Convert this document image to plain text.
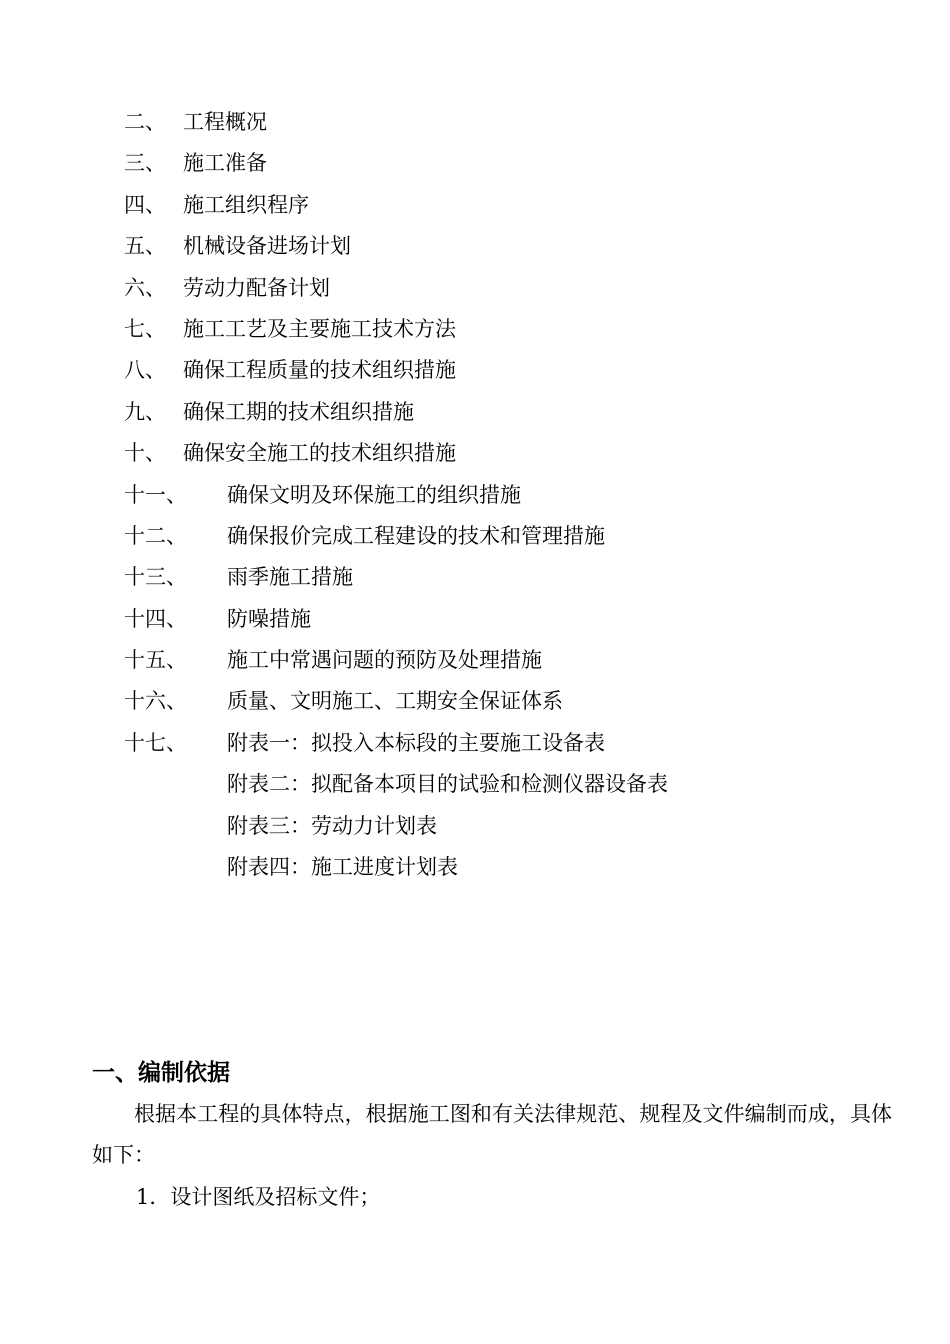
二、 工程概况
三、 施工准备
四、 施工组织程序
五、 机械设备进场计划
六、 劳动力配备计划
七、 施工工艺及主要施工技术方法
八、 确保工程质量的技术组织措施
九、 确保工期的技术组织措施
十、 确保安全施工的技术组织措施
十一、 确保文明及环保施工的组织措施
十二、 确保报价完成工程建设的技术和管理措施
十三、 雨季施工措施
十四、 防噪措施
十五、 施工中常遇问题的预防及处理措施
十六、 质量、文明施工、工期安全保证体系
十七、 附表一：拟投入本标段的主要施工设备表
附表二：拟配备本项目的试验和检测仪器设备表
附表三：劳动力计划表
附表四：施工进度计划表
一、编制依据

根据本工程的具体特点，根据施工图和有关法律规范、规程及文件编制而成，具体如下：

1．设计图纸及招标文件；
